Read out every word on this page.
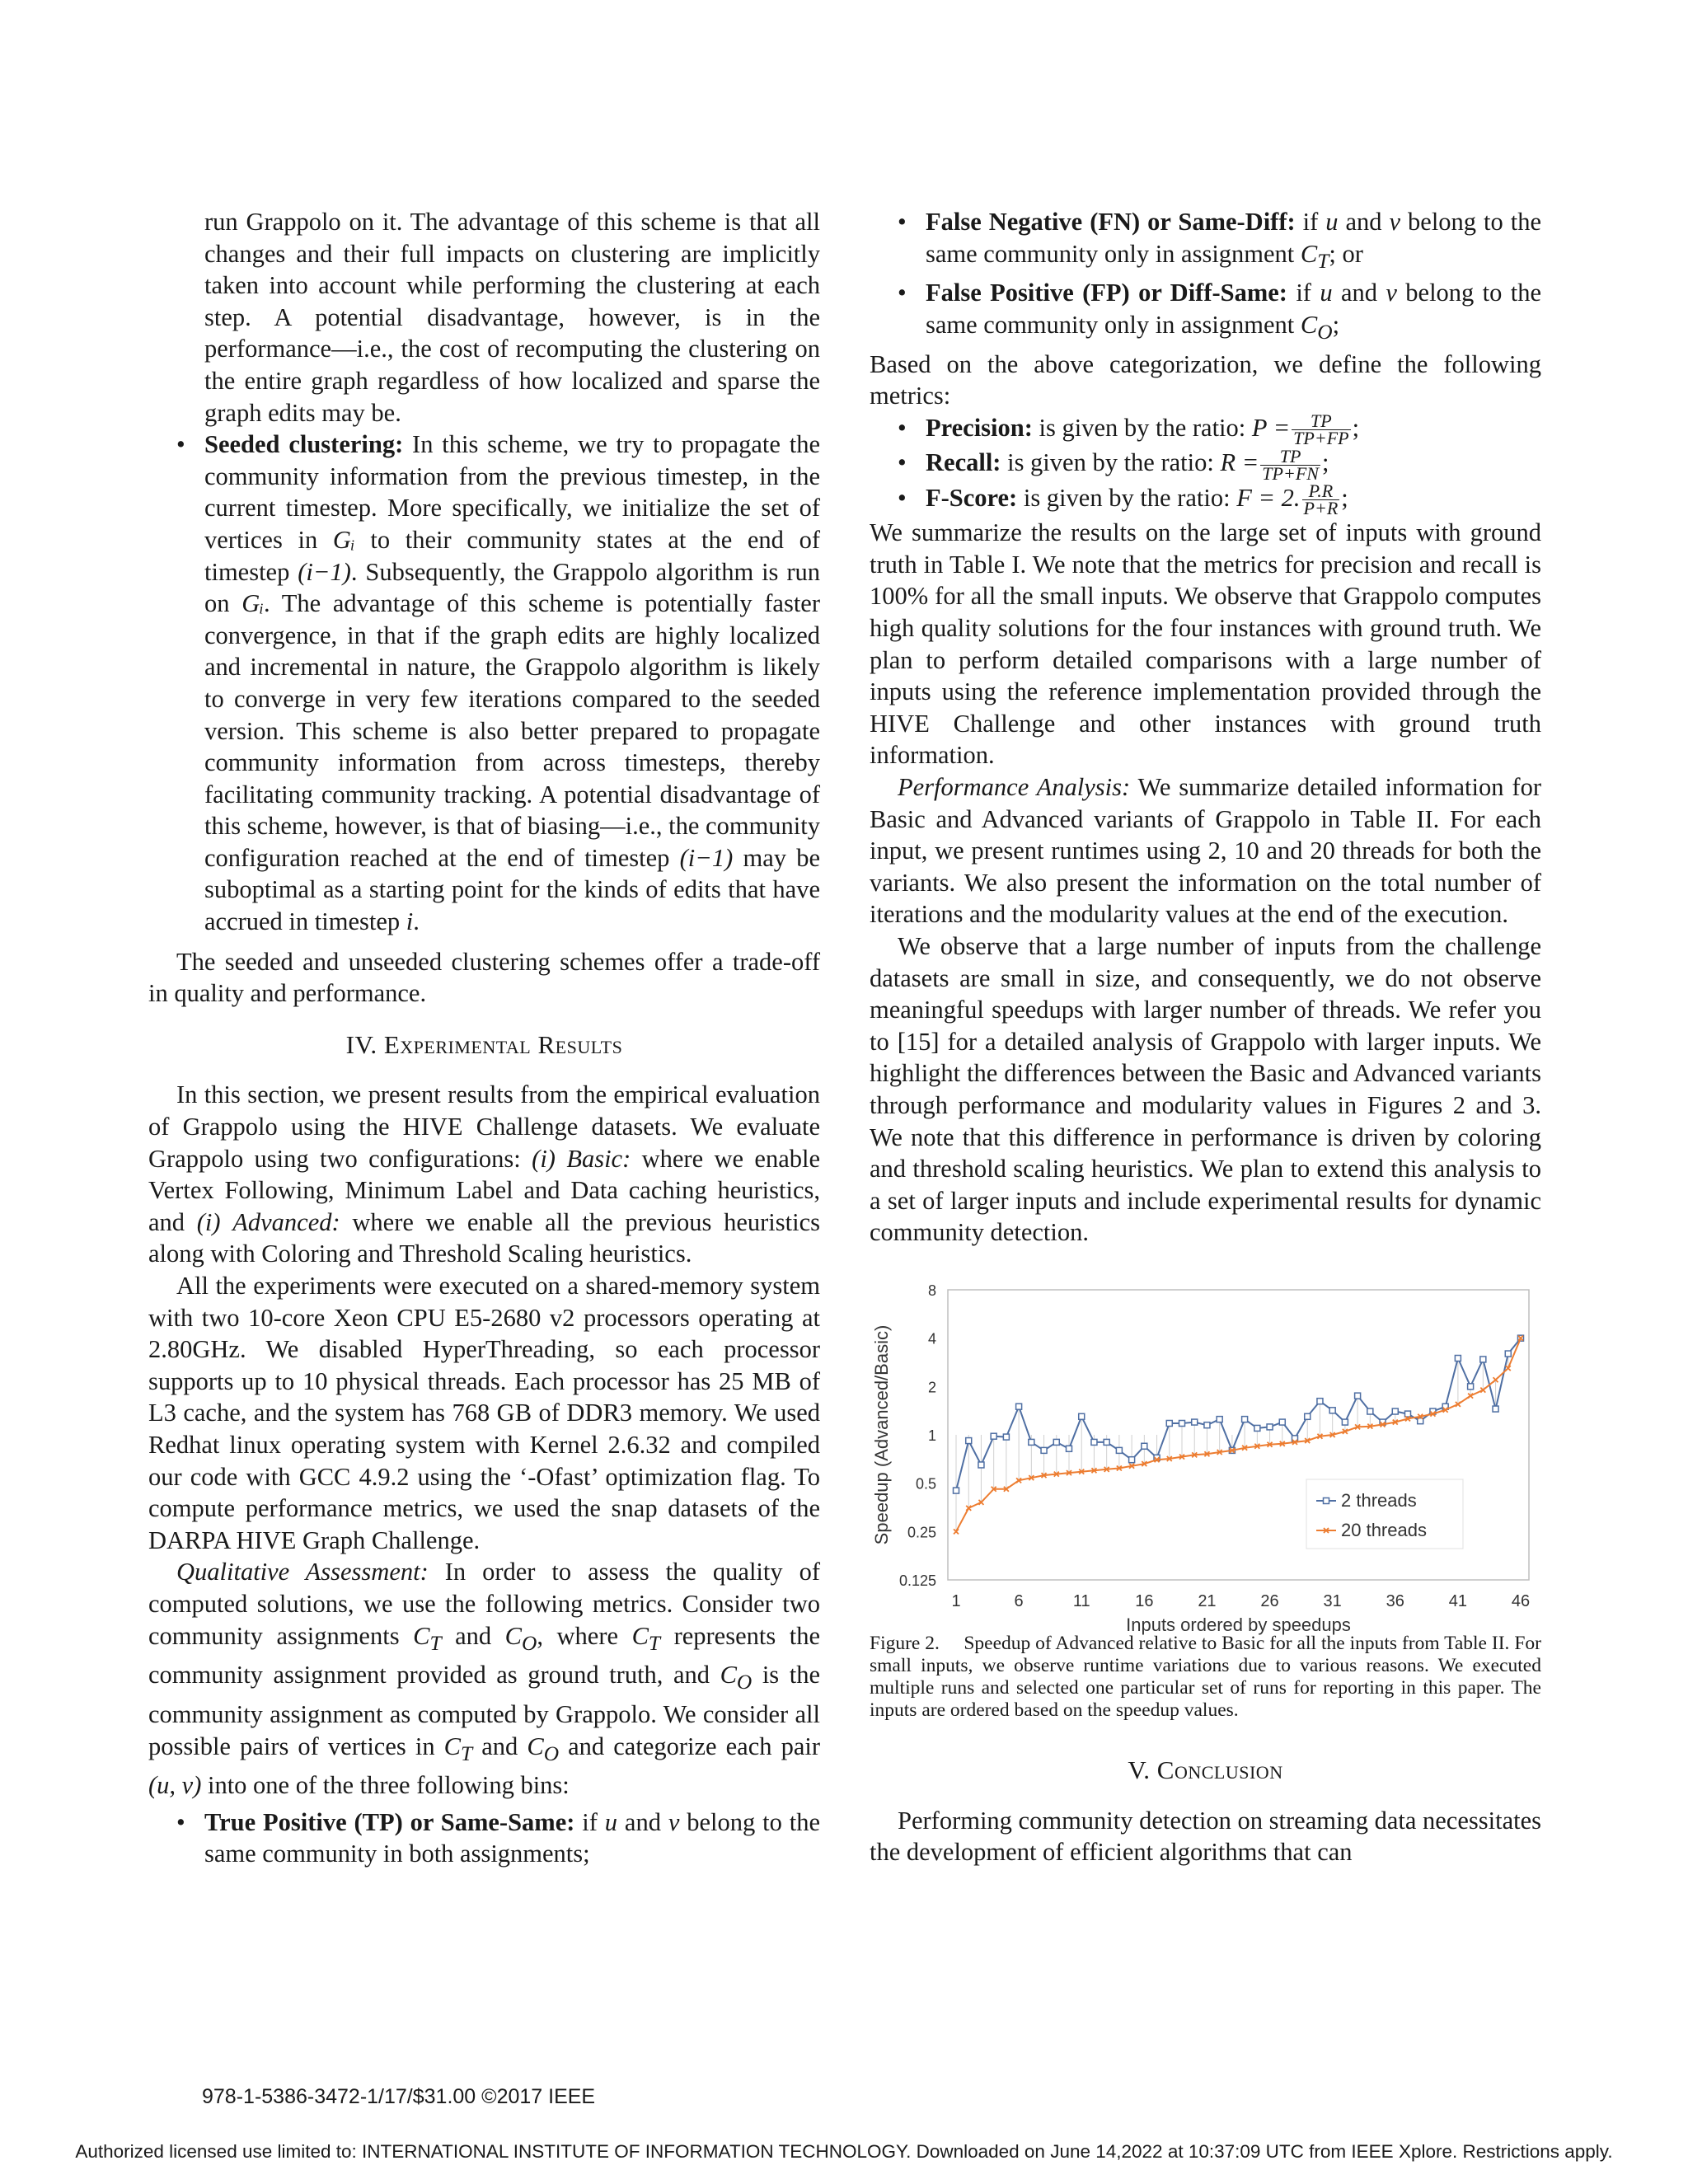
run Grappolo on it. The advantage of this scheme is that all changes and their full impacts on clustering are implicitly taken into account while performing the clustering at each step. A potential disadvantage, however, is in the performance—i.e., the cost of recomputing the clustering on the entire graph regardless of how localized and sparse the graph edits may be.

• Seeded clustering: In this scheme, we try to propagate the community information from the previous timestep, in the current timestep. More specifically, we initialize the set of vertices in Gᵢ to their community states at the end of timestep (i−1). Subsequently, the Grappolo algorithm is run on Gᵢ. The advantage of this scheme is potentially faster convergence, in that if the graph edits are highly localized and incremental in nature, the Grappolo algorithm is likely to converge in very few iterations compared to the seeded version. This scheme is also better prepared to propagate community information from across timesteps, thereby facilitating community tracking. A potential disadvantage of this scheme, however, is that of biasing—i.e., the community configuration reached at the end of timestep (i−1) may be suboptimal as a starting point for the kinds of edits that have accrued in timestep i.

The seeded and unseeded clustering schemes offer a trade-off in quality and performance.

IV. Experimental Results

In this section, we present results from the empirical evaluation of Grappolo using the HIVE Challenge datasets. We evaluate Grappolo using two configurations: (i) Basic: where we enable Vertex Following, Minimum Label and Data caching heuristics, and (i) Advanced: where we enable all the previous heuristics along with Coloring and Threshold Scaling heuristics.

All the experiments were executed on a shared-memory system with two 10-core Xeon CPU E5-2680 v2 processors operating at 2.80GHz. We disabled HyperThreading, so each processor supports up to 10 physical threads. Each processor has 25 MB of L3 cache, and the system has 768 GB of DDR3 memory. We used Redhat linux operating system with Kernel 2.6.32 and compiled our code with GCC 4.9.2 using the ‘-Ofast’ optimization flag. To compute performance metrics, we used the snap datasets of the DARPA HIVE Graph Challenge.

Qualitative Assessment: In order to assess the quality of computed solutions, we use the following metrics. Consider two community assignments $C_T$ and $C_O$, where $C_T$ represents the community assignment provided as ground truth, and $C_O$ is the community assignment as computed by Grappolo. We consider all possible pairs of vertices in $C_T$ and $C_O$ and categorize each pair (u, v) into one of the three following bins:

• True Positive (TP) or Same-Same: if u and v belong to the same community in both assignments;

• False Negative (FN) or Same-Diff: if u and v belong to the same community only in assignment $C_T$; or

• False Positive (FP) or Diff-Same: if u and v belong to the same community only in assignment $C_O$;

Based on the above categorization, we define the following metrics:

• Precision: is given by the ratio: $P = \frac{TP}{TP+FP}$ ;

• Recall: is given by the ratio: $R = \frac{TP}{TP+FN}$ ;

• F-Score: is given by the ratio: F = 2. $\frac{P.R}{P+R}$ ;

We summarize the results on the large set of inputs with ground truth in Table I. We note that the metrics for precision and recall is 100% for all the small inputs. We observe that Grappolo computes high quality solutions for the four instances with ground truth. We plan to perform detailed comparisons with a large number of inputs using the reference implementation provided through the HIVE Challenge and other instances with ground truth information.

Performance Analysis: We summarize detailed information for Basic and Advanced variants of Grappolo in Table II. For each input, we present runtimes using 2, 10 and 20 threads for both the variants. We also present the information on the total number of iterations and the modularity values at the end of the execution.

We observe that a large number of inputs from the challenge datasets are small in size, and consequently, we do not observe meaningful speedups with larger number of threads. We refer you to [15] for a detailed analysis of Grappolo with larger inputs. We highlight the differences between the Basic and Advanced variants through performance and modularity values in Figures 2 and 3. We note that this difference in performance is driven by coloring and threshold scaling heuristics. We plan to extend this analysis to a set of larger inputs and include experimental results for dynamic community detection.

8
4
2
1
0.5
0.25
0.125
1	6	11	16	21	26	31	36	41	46
Inputs ordered by speedups
Speedup (Advanced/Basic)	2 threads
20 threads

Figure 2.  Speedup of Advanced relative to Basic for all the inputs from Table II. For small inputs, we observe runtime variations due to various reasons. We executed multiple runs and selected one particular set of runs for reporting in this paper. The inputs are ordered based on the speedup values.

V. Conclusion

Performing community detection on streaming data necessitates the development of efficient algorithms that can

978-1-5386-3472-1/17/$31.00 ©2017 IEEE
Authorized licensed use limited to: INTERNATIONAL INSTITUTE OF INFORMATION TECHNOLOGY. Downloaded on June 14,2022 at 10:37:09 UTC from IEEE Xplore. Restrictions apply.
